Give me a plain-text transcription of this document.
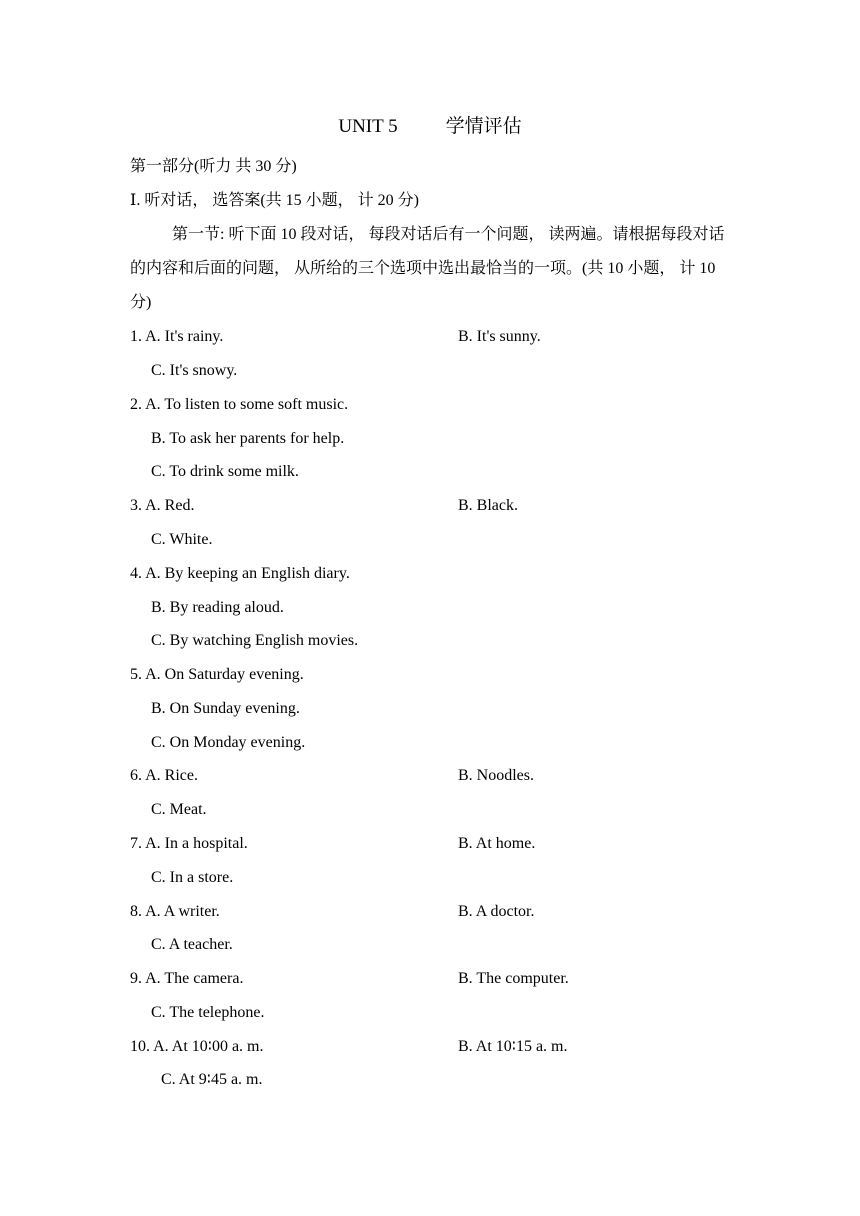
UNIT 5	学情评估
第一部分(听力 共 30 分)
Ⅰ. 听对话， 选答案(共 15 小题， 计 20 分)
第一节: 听下面 10 段对话， 每段对话后有一个问题， 读两遍。请根据每段对话的内容和后面的问题， 从所给的三个选项中选出最恰当的一项。(共 10 小题， 计 10 分)
1. A. It's rainy.	B. It's sunny.
C. It's snowy.
2. A. To listen to some soft music.
B. To ask her parents for help.
C. To drink some milk.
3. A. Red.	B. Black.
C. White.
4. A. By keeping an English diary.
B. By reading aloud.
C. By watching English movies.
5. A. On Saturday evening.
B. On Sunday evening.
C. On Monday evening.
6. A. Rice.	B. Noodles.
C. Meat.
7. A. In a hospital.	B. At home.
C. In a store.
8. A. A writer.	B. A doctor.
C. A teacher.
9. A. The camera.	B. The computer.
C. The telephone.
10. A. At 10∶00 a. m.	B. At 10∶15 a. m.
C. At 9∶45 a. m.
